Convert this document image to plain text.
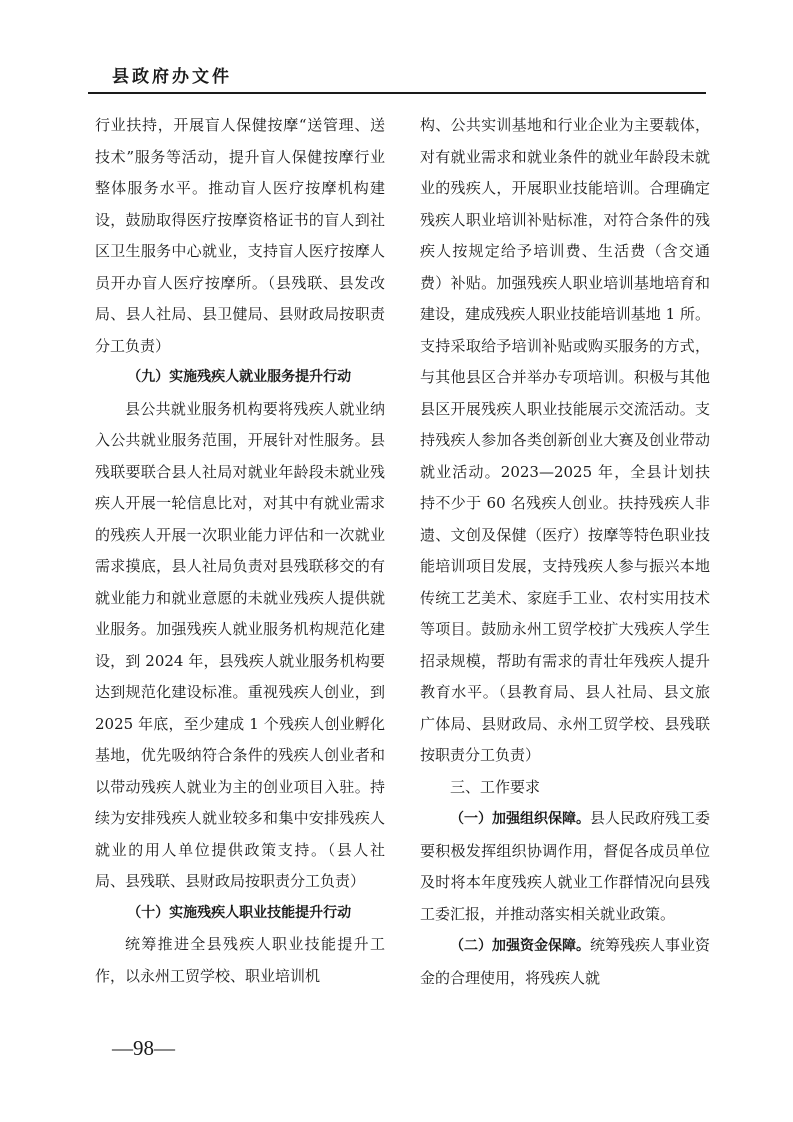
县政府办文件

行业扶持，开展盲人保健按摩“送管理、送技术”服务等活动，提升盲人保健按摩行业整体服务水平。推动盲人医疗按摩机构建设，鼓励取得医疗按摩资格证书的盲人到社区卫生服务中心就业，支持盲人医疗按摩人员开办盲人医疗按摩所。（县残联、县发改局、县人社局、县卫健局、县财政局按职责分工负责）

（九）实施残疾人就业服务提升行动

县公共就业服务机构要将残疾人就业纳入公共就业服务范围，开展针对性服务。县残联要联合县人社局对就业年龄段未就业残疾人开展一轮信息比对，对其中有就业需求的残疾人开展一次职业能力评估和一次就业需求摸底，县人社局负责对县残联移交的有就业能力和就业意愿的未就业残疾人提供就业服务。加强残疾人就业服务机构规范化建设，到 2024 年，县残疾人就业服务机构要达到规范化建设标准。重视残疾人创业，到 2025 年底，至少建成 1 个残疾人创业孵化基地，优先吸纳符合条件的残疾人创业者和以带动残疾人就业为主的创业项目入驻。持续为安排残疾人就业较多和集中安排残疾人就业的用人单位提供政策支持。（县人社局、县残联、县财政局按职责分工负责）

（十）实施残疾人职业技能提升行动

统筹推进全县残疾人职业技能提升工作，以永州工贸学校、职业培训机

构、公共实训基地和行业企业为主要载体，对有就业需求和就业条件的就业年龄段未就业的残疾人，开展职业技能培训。合理确定残疾人职业培训补贴标准，对符合条件的残疾人按规定给予培训费、生活费（含交通费）补贴。加强残疾人职业培训基地培育和建设，建成残疾人职业技能培训基地 1 所。支持采取给予培训补贴或购买服务的方式，与其他县区合并举办专项培训。积极与其他县区开展残疾人职业技能展示交流活动。支持残疾人参加各类创新创业大赛及创业带动就业活动。2023—2025 年，全县计划扶持不少于 60 名残疾人创业。扶持残疾人非遗、文创及保健（医疗）按摩等特色职业技能培训项目发展，支持残疾人参与振兴本地传统工艺美术、家庭手工业、农村实用技术等项目。鼓励永州工贸学校扩大残疾人学生招录规模，帮助有需求的青壮年残疾人提升教育水平。（县教育局、县人社局、县文旅广体局、县财政局、永州工贸学校、县残联按职责分工负责）

三、工作要求

（一）加强组织保障。县人民政府残工委要积极发挥组织协调作用，督促各成员单位及时将本年度残疾人就业工作群情况向县残工委汇报，并推动落实相关就业政策。

（二）加强资金保障。统筹残疾人事业资金的合理使用，将残疾人就

—98—
